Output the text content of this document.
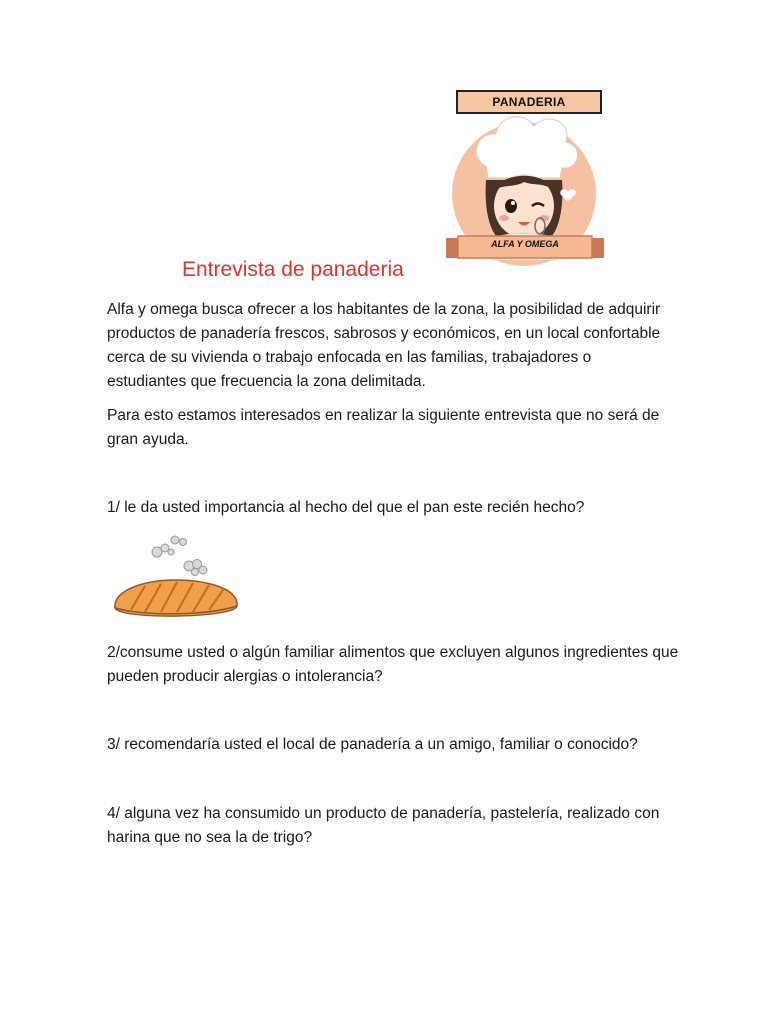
PANADERIA
ALFA Y OMEGA
Entrevista de panaderia

Alfa y omega busca ofrecer a los habitantes de la zona, la posibilidad de adquirir productos de panadería frescos, sabrosos y económicos, en un local confortable cerca de su vivienda o trabajo enfocada en las familias, trabajadores o estudiantes que frecuencia la zona delimitada.

Para esto estamos interesados en realizar la siguiente entrevista que no será de gran ayuda.

1/ le da usted importancia al hecho del que el pan este recién hecho?

2/consume usted o algún familiar alimentos que excluyen algunos ingredientes que pueden producir alergias o intolerancia?

3/ recomendaría usted el local de panadería a un amigo, familiar o conocido?

4/ alguna vez ha consumido un producto de panadería, pastelería, realizado con harina que no sea la de trigo?
